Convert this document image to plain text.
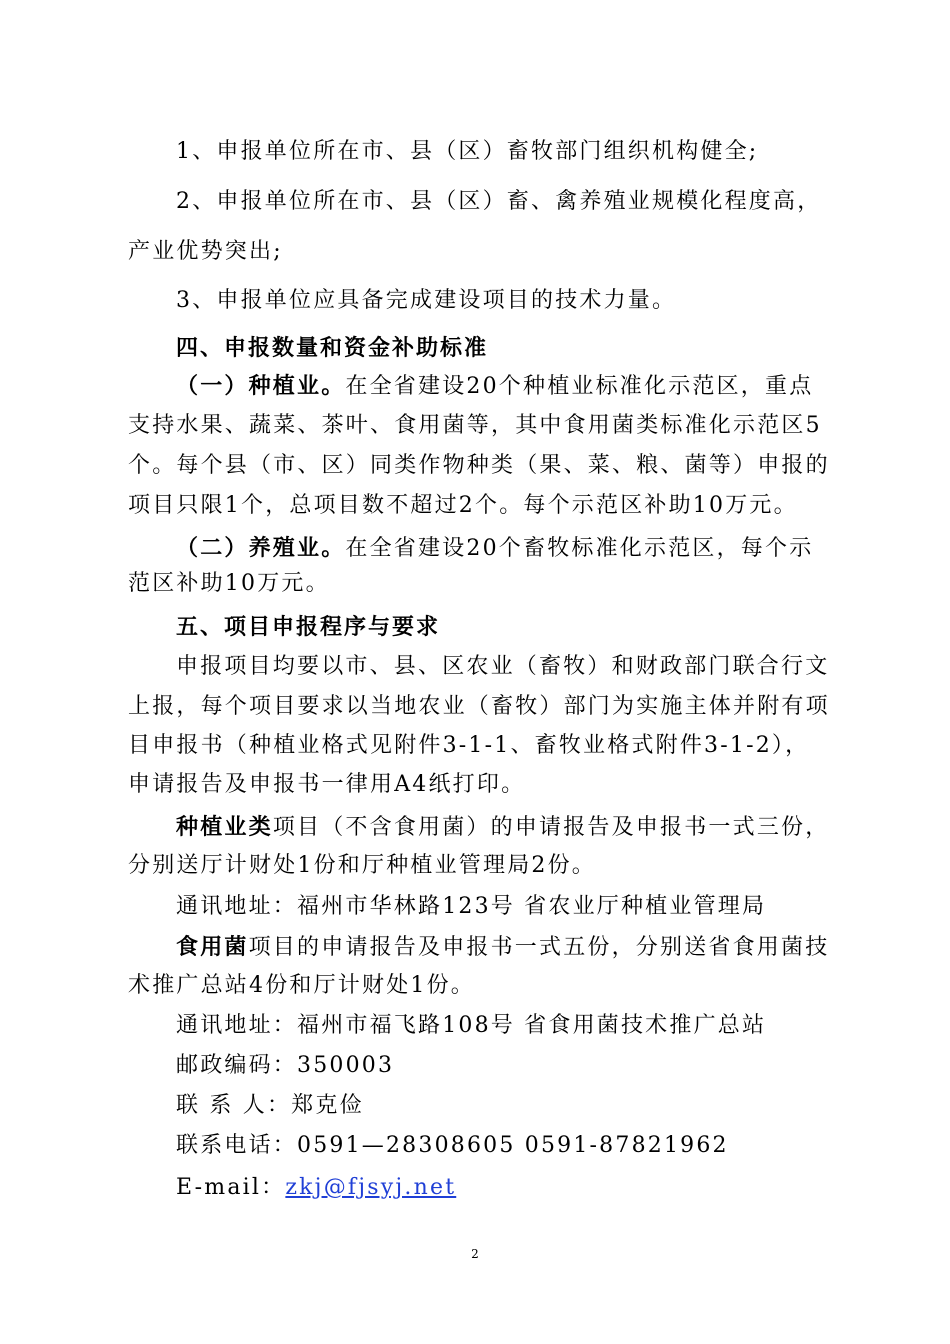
1、申报单位所在市、县（区）畜牧部门组织机构健全;
2、申报单位所在市、县（区）畜、禽养殖业规模化程度高，
产业优势突出;
3、申报单位应具备完成建设项目的技术力量。
四、申报数量和资金补助标准
（一）种植业。在全省建设20个种植业标准化示范区，重点
支持水果、蔬菜、茶叶、食用菌等，其中食用菌类标准化示范区5
个。每个县（市、区）同类作物种类（果、菜、粮、菌等）申报的
项目只限1个，总项目数不超过2个。每个示范区补助10万元。
（二）养殖业。在全省建设20个畜牧标准化示范区，每个示
范区补助10万元。
五、项目申报程序与要求
申报项目均要以市、县、区农业（畜牧）和财政部门联合行文
上报，每个项目要求以当地农业（畜牧）部门为实施主体并附有项
目申报书（种植业格式见附件3-1-1、畜牧业格式附件3-1-2），
申请报告及申报书一律用A4纸打印。
种植业类项目（不含食用菌）的申请报告及申报书一式三份，
分别送厅计财处1份和厅种植业管理局2份。
通讯地址：福州市华林路123号 省农业厅种植业管理局
食用菌项目的申请报告及申报书一式五份，分别送省食用菌技
术推广总站4份和厅计财处1份。
通讯地址：福州市福飞路108号 省食用菌技术推广总站
邮政编码：350003
联 系 人：郑克俭
联系电话：0591—28308605 0591-87821962
E-mail：zkj@fjsyj.net
2
